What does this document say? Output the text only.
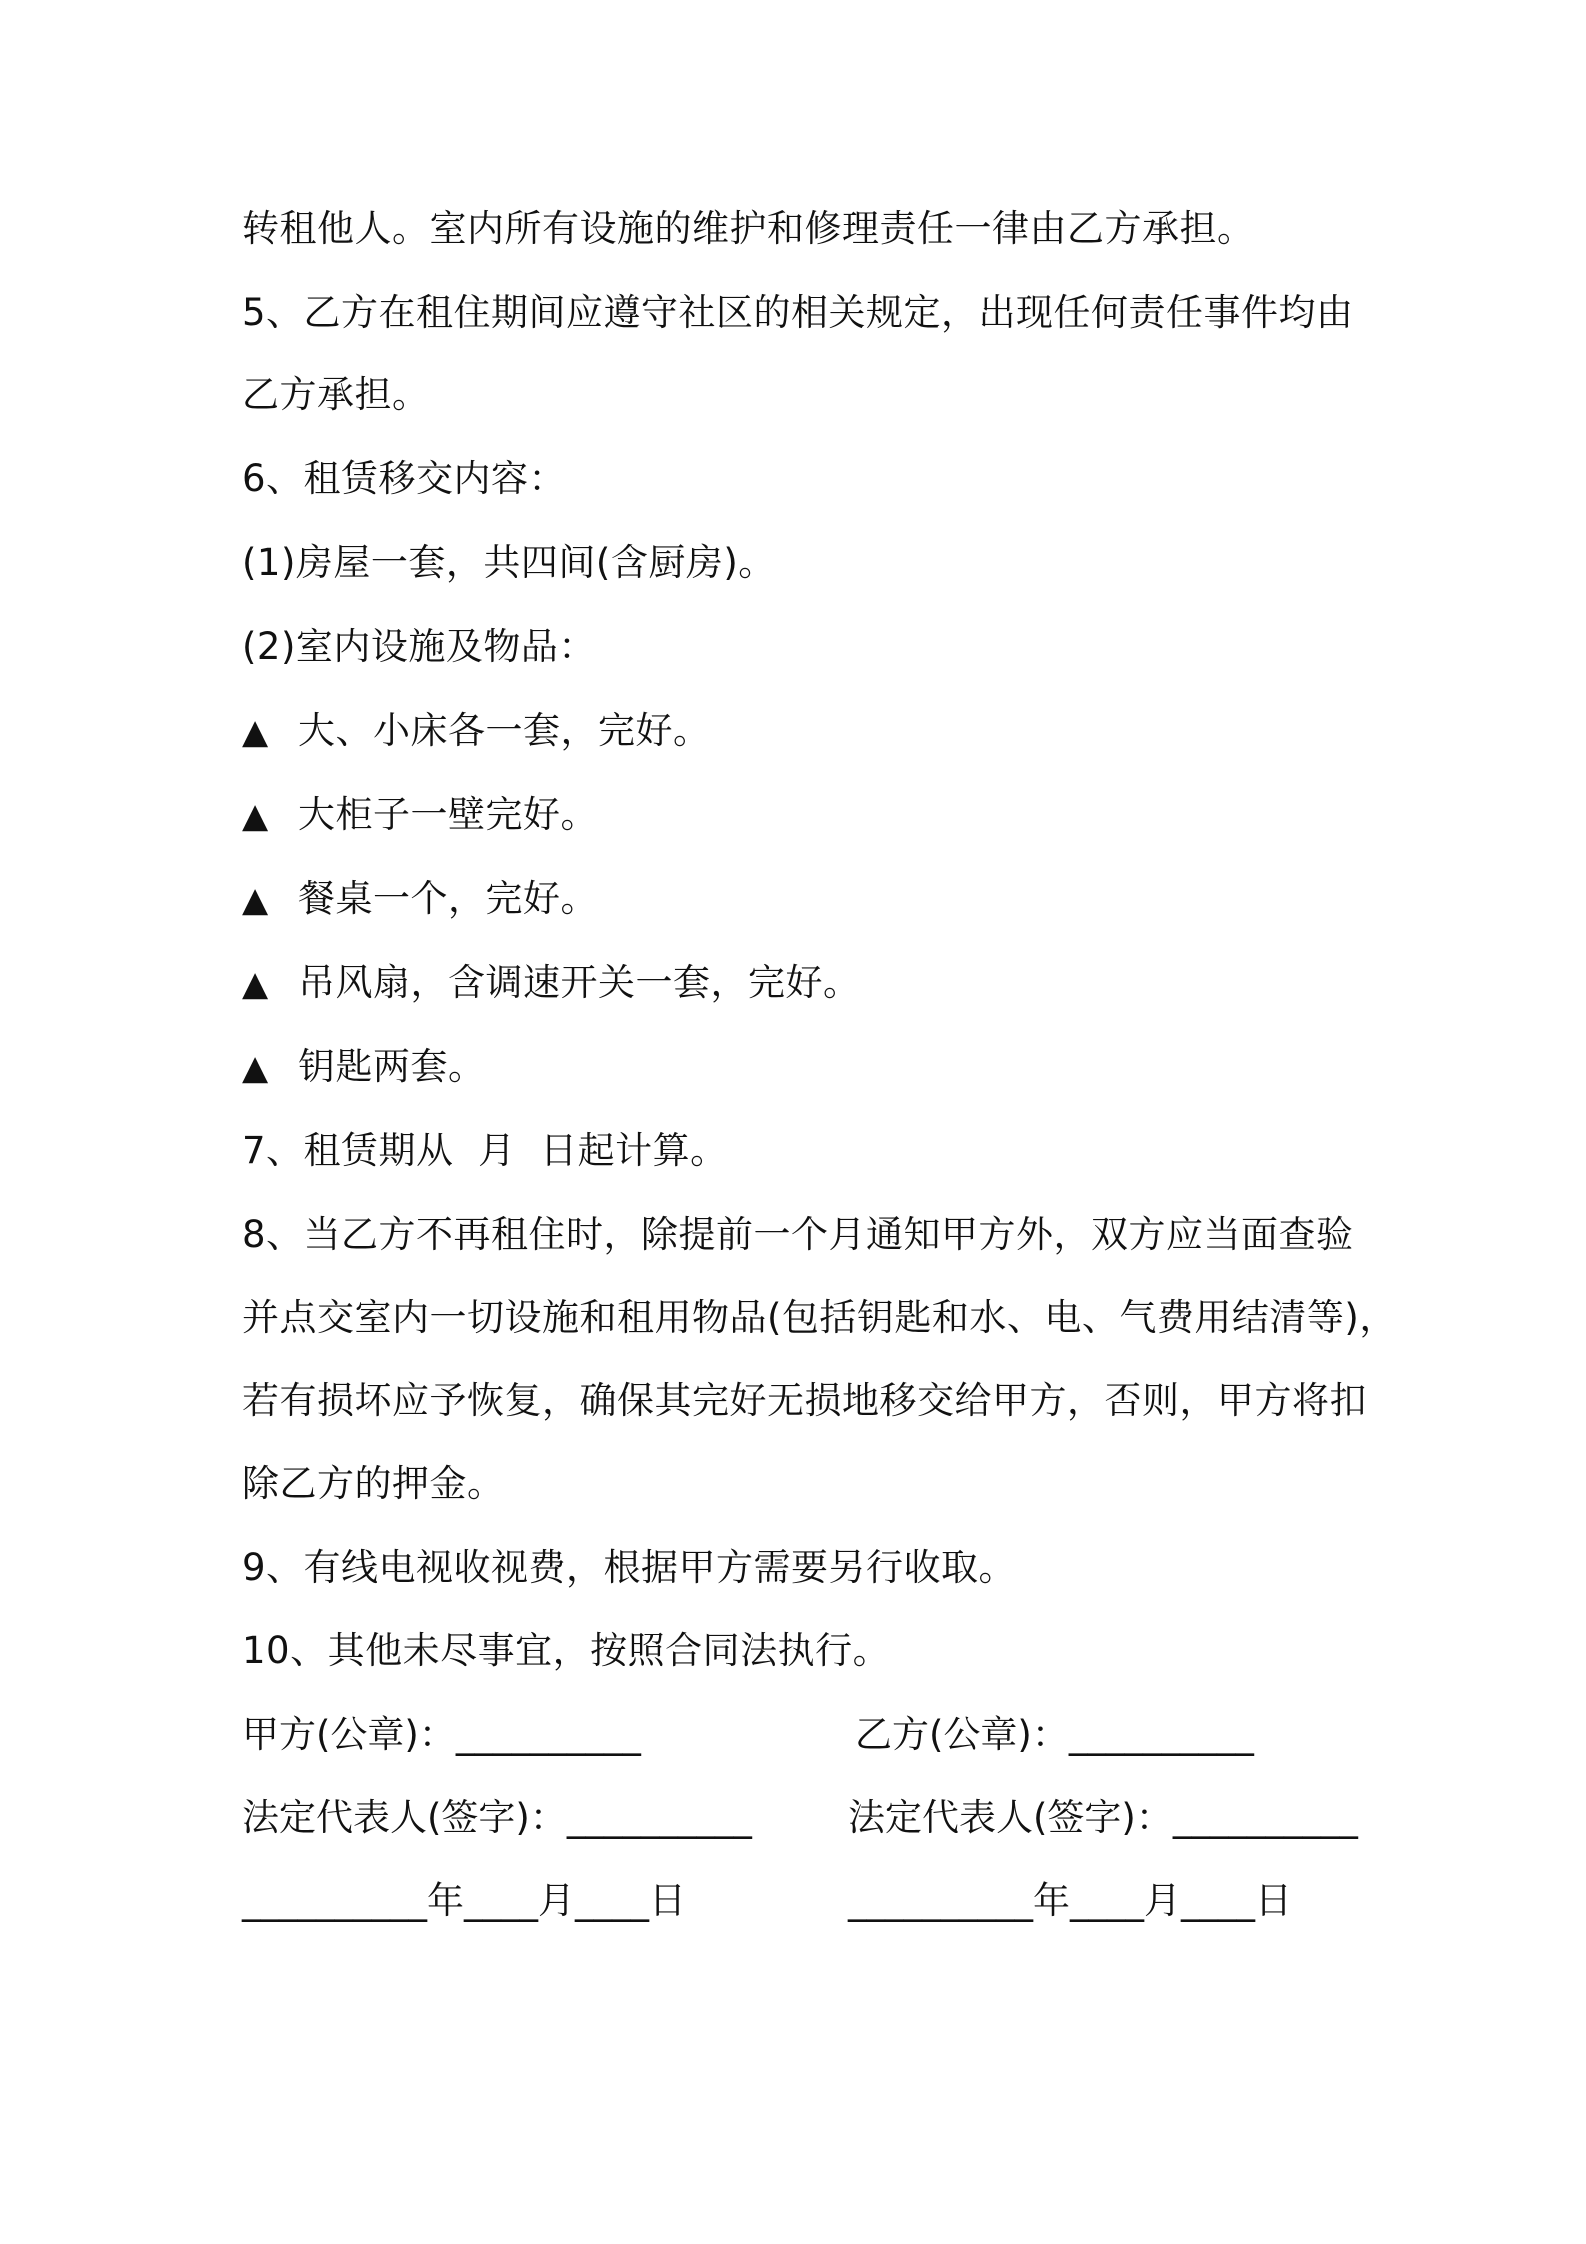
转租他人。室内所有设施的维护和修理责任一律由乙方承担。
5、乙方在租住期间应遵守社区的相关规定，出现任何责任事件均由
乙方承担。
6、租赁移交内容：
(1)房屋一套，共四间(含厨房)。
(2)室内设施及物品：
▲ 大、小床各一套，完好。
▲ 大柜子一壁完好。
▲ 餐桌一个，完好。
▲ 吊风扇，含调速开关一套，完好。
▲ 钥匙两套。
7、租赁期从  月  日起计算。
8、当乙方不再租住时，除提前一个月通知甲方外，双方应当面查验
并点交室内一切设施和租用物品(包括钥匙和水、电、气费用结清等)，
若有损坏应予恢复，确保其完好无损地移交给甲方，否则，甲方将扣
除乙方的押金。
9、有线电视收视费，根据甲方需要另行收取。
10、其他未尽事宜，按照合同法执行。
甲方(公章)：__________	乙方(公章)：__________
法定代表人(签字)：__________	法定代表人(签字)：__________
__________年____月____日	__________年____月____日
